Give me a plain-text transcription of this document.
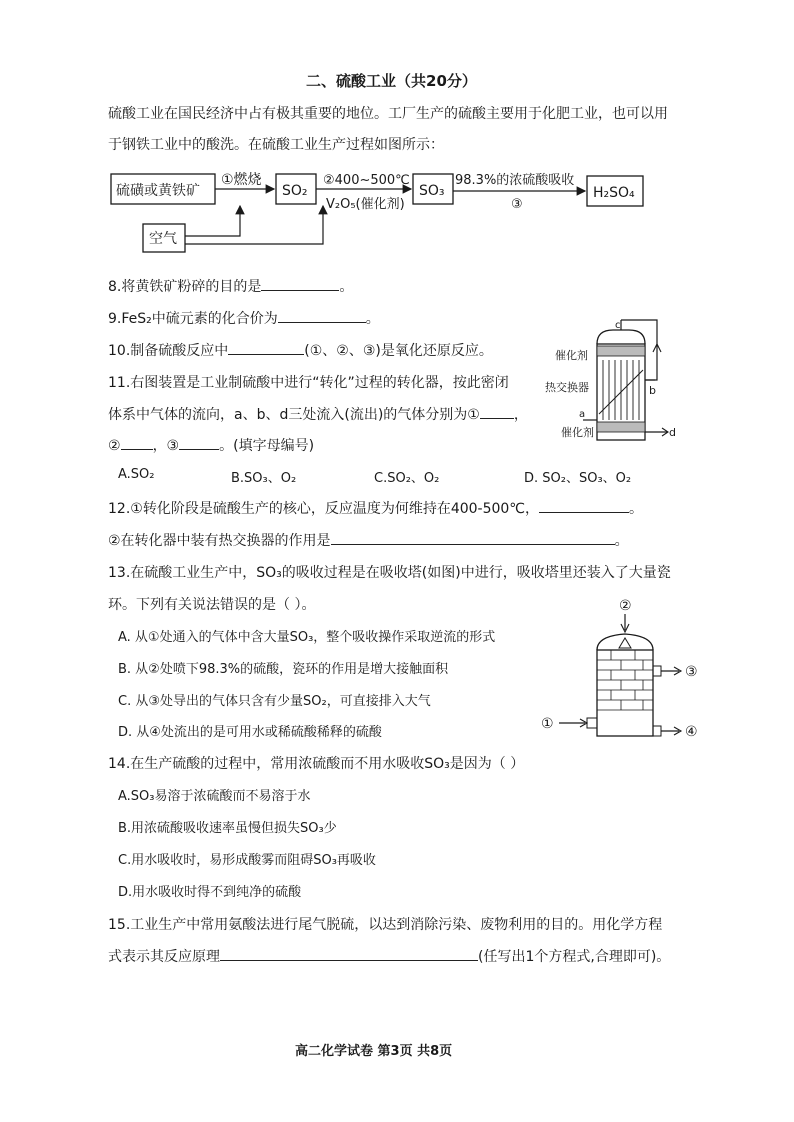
二、硫酸工业（共20分）
硫酸工业在国民经济中占有极其重要的地位。工厂生产的硫酸主要用于化肥工业，也可以用
于钢铁工业中的酸洗。在硫酸工业生产过程如图所示：
硫磺或黄铁矿
①燃烧
SO₂
②400~500℃
V₂O₅(催化剂)
SO₃
98.3%的浓硫酸吸收
③
H₂SO₄
空气
8.将黄铁矿粉碎的目的是	。
9.FeS₂中硫元素的化合价为	。
10.制备硫酸反应中	(①、②、③)是氧化还原反应。	催化剂
热交换器
催化剂
c
b
a
d
11.右图装置是工业制硫酸中进行“转化”过程的转化器，按此密闭
体系中气体的流向，a、b、d三处流入(流出)的气体分别为① ，
② ，③	。(填字母编号)
A.SO₂	B.SO₃、O₂	C.SO₂、O₂	D. SO₂、SO₃、O₂
12.①转化阶段是硫酸生产的核心，反应温度为何维持在400-500℃，	。
②在转化器中装有热交换器的作用是	。
13.在硫酸工业生产中，SO₃的吸收过程是在吸收塔(如图)中进行，吸收塔里还装入了大量瓷
环。下列有关说法错误的是（ ）。
A. 从①处通入的气体中含大量SO₃，整个吸收操作采取逆流的形式
B. 从②处喷下98.3%的硫酸，瓷环的作用是增大接触面积
C. 从③处导出的气体只含有少量SO₂，可直接排入大气
D. 从④处流出的是可用水或稀硫酸稀释的硫酸
②
③
①	④
14.在生产硫酸的过程中，常用浓硫酸而不用水吸收SO₃是因为（ ）
A.SO₃易溶于浓硫酸而不易溶于水
B.用浓硫酸吸收速率虽慢但损失SO₃少
C.用水吸收时，易形成酸雾而阻碍SO₃再吸收
D.用水吸收时得不到纯净的硫酸
15.工业生产中常用氨酸法进行尾气脱硫，以达到消除污染、废物利用的目的。用化学方程
式表示其反应原理	(任写出1个方程式,合理即可)。
高二化学试卷 第3页 共8页
